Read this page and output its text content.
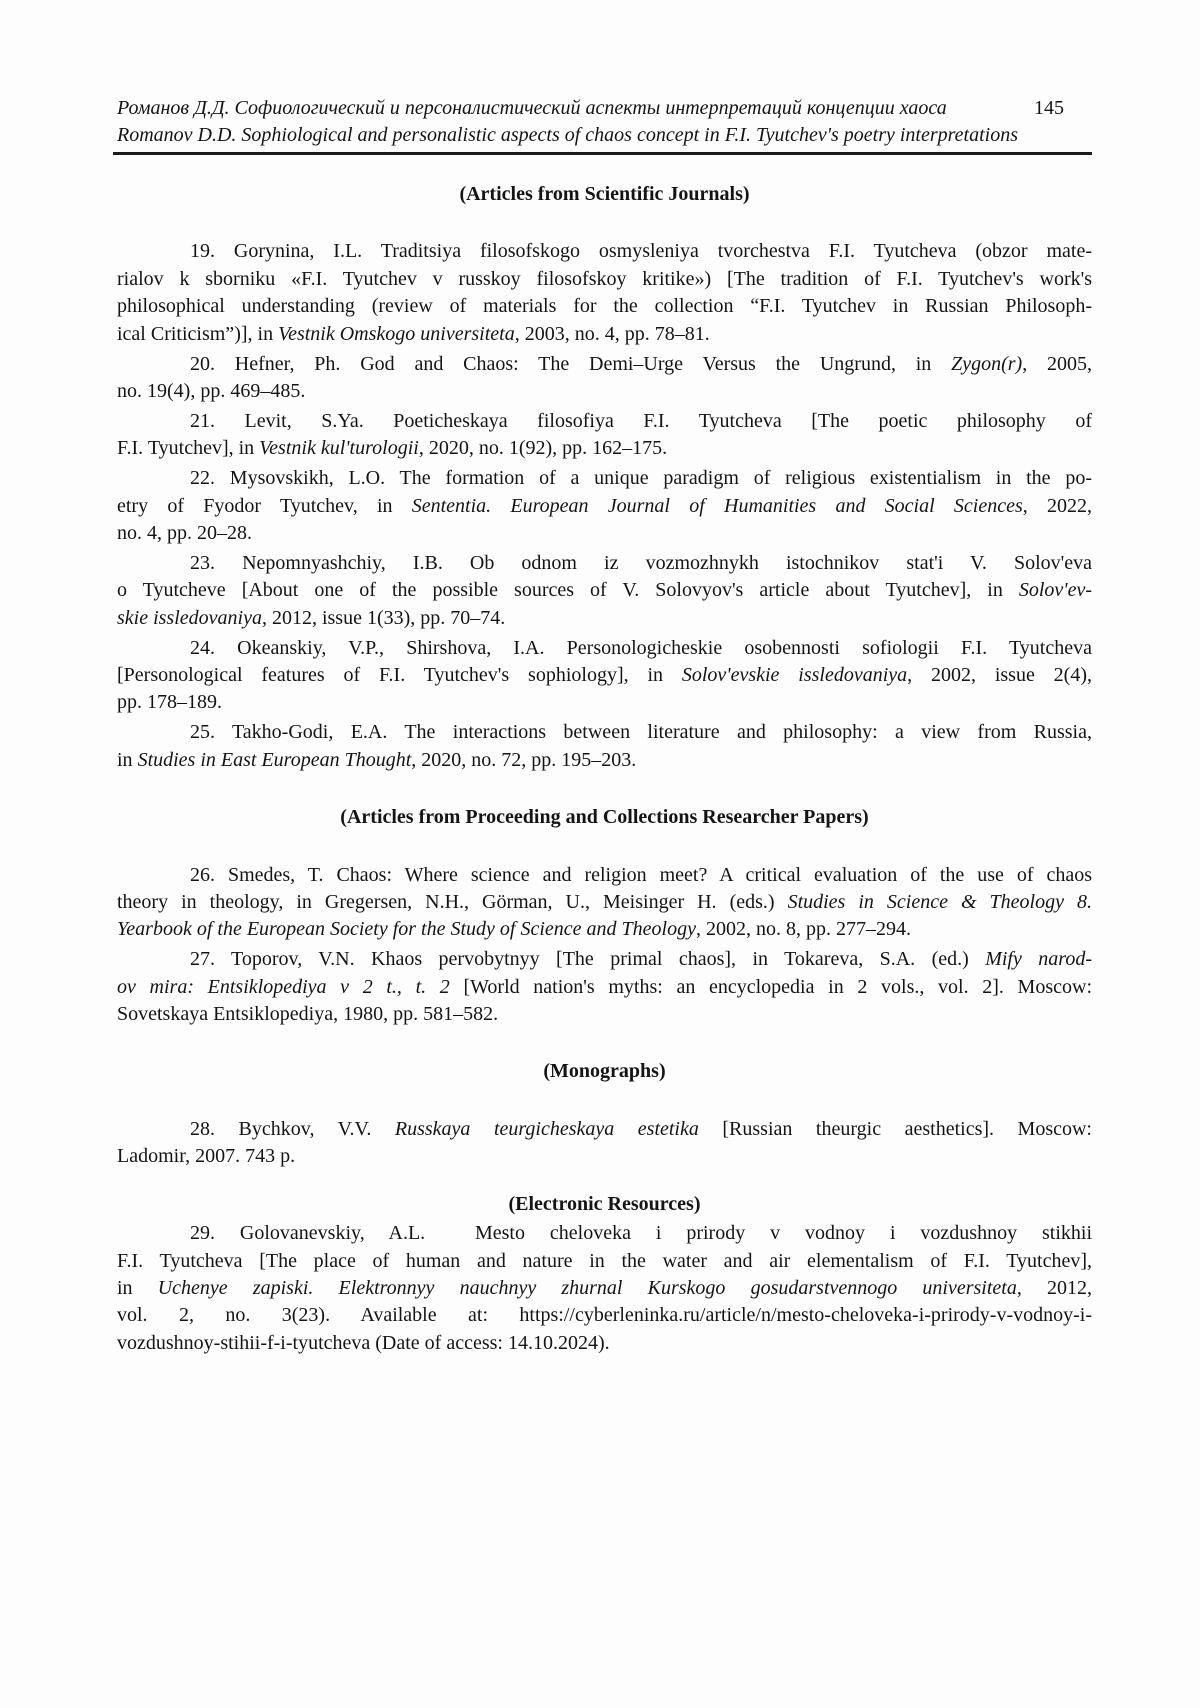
Романов Д.Д. Софиологический и персоналистический аспекты интерпретаций концепции хаоса	145
Romanov D.D. Sophiological and personalistic aspects of chaos concept in F.I. Tyutchev's poetry interpretations
(Articles from Scientific Journals)
19. Gorynina, I.L. Traditsiya filosofskogo osmysleniya tvorchestva F.I. Tyutcheva (obzor mate-
rialov k sborniku «F.I. Tyutchev v russkoy filosofskoy kritike») [The tradition of F.I. Tyutchev's work's
philosophical understanding (review of materials for the collection “F.I. Tyutchev in Russian Philosoph-
ical Criticism”)], in Vestnik Omskogo universiteta, 2003, no. 4, pp. 78–81.
20. Hefner, Ph. God and Chaos: The Demi–Urge Versus the Ungrund, in Zygon(r), 2005,
no. 19(4), pp. 469–485.
21. Levit, S.Ya. Poeticheskaya filosofiya F.I. Tyutcheva [The poetic philosophy of
F.I. Tyutchev], in Vestnik kul'turologii, 2020, no. 1(92), pp. 162–175.
22. Mysovskikh, L.O. The formation of a unique paradigm of religious existentialism in the po-
etry of Fyodor Tyutchev, in Sententia. European Journal of Humanities and Social Sciences, 2022,
no. 4, pp. 20–28.
23. Nepomnyashchiy, I.B. Ob odnom iz vozmozhnykh istochnikov stat'i V. Solov'eva
o Tyutcheve [About one of the possible sources of V. Solovyov's article about Tyutchev], in Solov'ev-
skie issledovaniya, 2012, issue 1(33), pp. 70–74.
24. Okeanskiy, V.P., Shirshova, I.A. Personologicheskie osobennosti sofiologii F.I. Tyutcheva
[Personological features of F.I. Tyutchev's sophiology], in Solov'evskie issledovaniya, 2002, issue 2(4),
pp. 178–189.
25. Takho-Godi, E.A. The interactions between literature and philosophy: a view from Russia,
in Studies in East European Thought, 2020, no. 72, pp. 195–203.
(Articles from Proceeding and Collections Researcher Papers)
26. Smedes, T. Chaos: Where science and religion meet? A critical evaluation of the use of chaos
theory in theology, in Gregersen, N.H., Görman, U., Meisinger H. (eds.) Studies in Science & Theology 8.
Yearbook of the European Society for the Study of Science and Theology, 2002, no. 8, pp. 277–294.
27. Toporov, V.N. Khaos pervobytnyy [The primal chaos], in Tokareva, S.A. (ed.) Mify narod-
ov mira: Entsiklopediya v 2 t., t. 2 [World nation's myths: an encyclopedia in 2 vols., vol. 2]. Moscow:
Sovetskaya Entsiklopediya, 1980, pp. 581–582.
(Monographs)
28. Bychkov, V.V. Russkaya teurgicheskaya estetika [Russian theurgic aesthetics]. Moscow:
Ladomir, 2007. 743 p.
(Electronic Resources)
29. Golovanevskiy, A.L.  Mesto cheloveka i prirody v vodnoy i vozdushnoy stikhii
F.I. Tyutcheva [The place of human and nature in the water and air elementalism of F.I. Tyutchev],
in Uchenye zapiski. Elektronnyy nauchnyy zhurnal Kurskogo gosudarstvennogo universiteta, 2012,
vol. 2, no. 3(23). Available at: https://cyberleninka.ru/article/n/mesto-cheloveka-i-prirody-v-vodnoy-i-
vozdushnoy-stihii-f-i-tyutcheva (Date of access: 14.10.2024).
